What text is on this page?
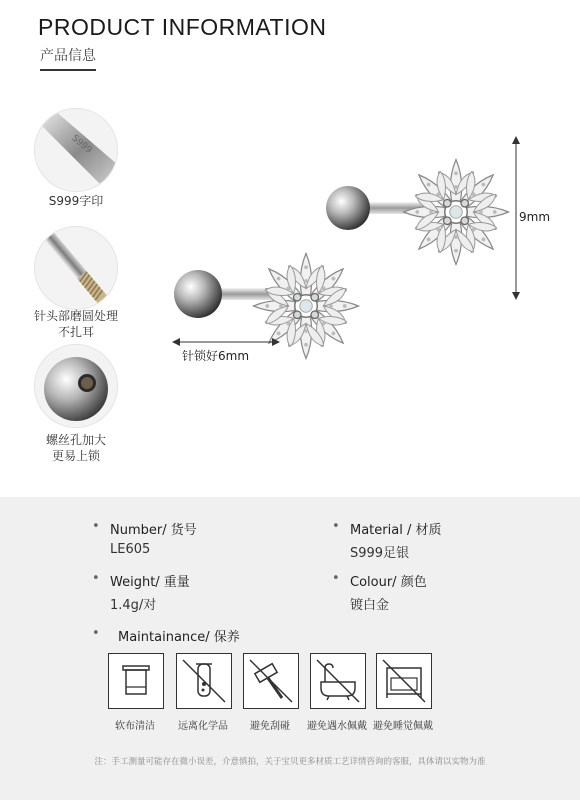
PRODUCT INFORMATION
产品信息
S999
S999字印
针头部磨圆处理
不扎耳
螺丝孔加大
更易上锁
9mm
针锁好6mm
• Number/ 货号
LE605
• Material / 材质
S999足银
• Weight/ 重量
1.4g/对
• Colour/ 颜色
镀白金
• Maintainance/ 保养
软布清洁	远离化学品	避免刮碰	避免遇水佩戴 避免睡觉佩戴
注：手工测量可能存在微小误差，介意慎拍，关于宝贝更多材质工艺详情咨询的客服，具体请以实物为准
